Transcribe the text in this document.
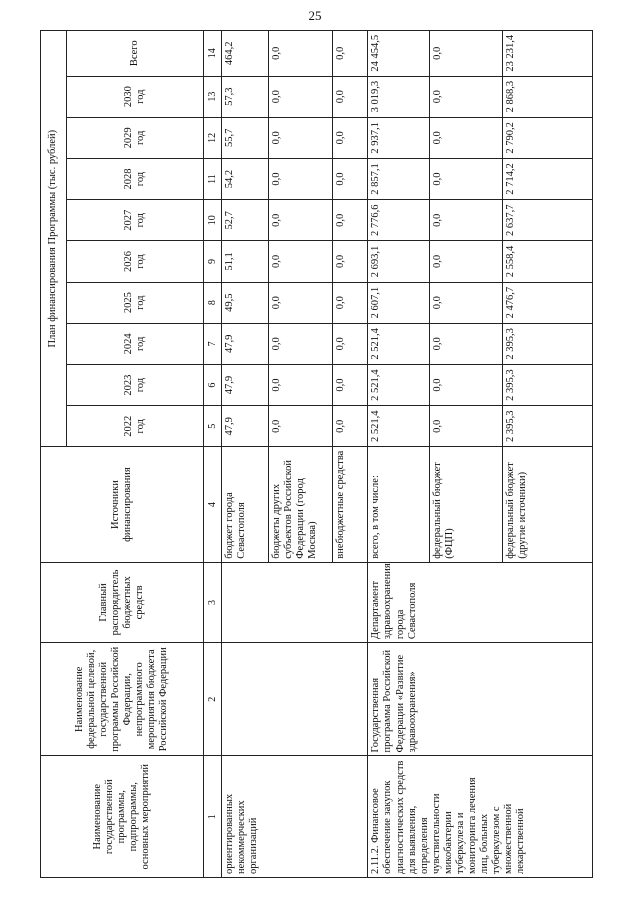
25
Наименование государственной программы, подпрограммы, основных мероприятий	Наименование федеральной целевой, государственной программы Российской Федерации, непрограммного мероприятия бюджета Российской Федерации	Главный распорядитель бюджетных средств	Источники финансирования	План финансирования Программы (тыс. рублей)									
				2022 год	2023 год	2024 год	2025 год	2026 год	2027 год	2028 год	2029 год	2030 год	Всего
1	2	3	4	5	6	7	8	9	10	11	12	13	14
ориентированных некоммерческих организаций			бюджет города Севастополя	47,9	47,9	47,9	49,5	51,1	52,7	54,2	55,7	57,3	464,2
			бюджеты других субъектов Российской Федерации (город Москва)	0,0	0,0	0,0	0,0	0,0	0,0	0,0	0,0	0,0	0,0
			внебюджетные средства	0,0	0,0	0,0	0,0	0,0	0,0	0,0	0,0	0,0	0,0
2.11.2. Финансовое обеспечение закупок диагностических средств для выявления, определения чувствительности микобактерии туберкулеза и мониторинга лечения лиц, больных туберкулезом с множественной лекарственной	Государственная программа Российской Федерации «Развитие здравоохранения»	Департамент здравоохранения города Севастополя	всего, в том числе:	2 521,4	2 521,4	2 521,4	2 607,1	2 693,1	2 776,6	2 857,1	2 937,1	3 019,3	24 454,5
			федеральный бюджет (ФЦП)	0,0	0,0	0,0	0,0	0,0	0,0	0,0	0,0	0,0	0,0
			федеральный бюджет (другие источники)	2 395,3	2 395,3	2 395,3	2 476,7	2 558,4	2 637,7	2 714,2	2 790,2	2 868,3	23 231,4
